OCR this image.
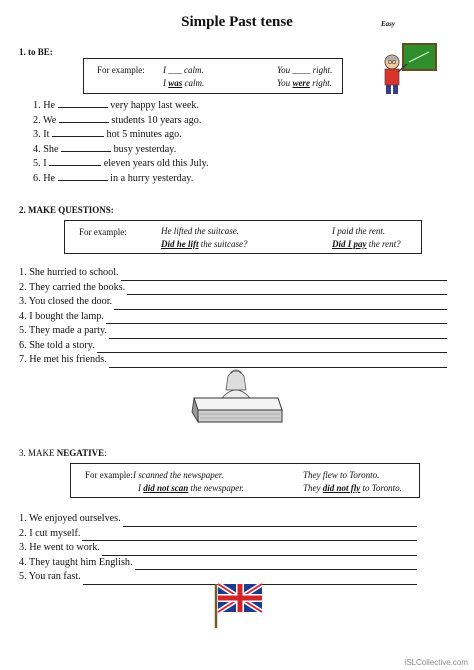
Simple Past tense	Easy
1. to BE:
For example: I ___ calm.
I was calm.
You ____ right.
You were right.
1. He	very happy last week.
2. We	students 10 years ago.
3. It	hot 5 minutes ago.
4. She	busy yesterday.
5. I	eleven years old this July.
6. He	in a hurry yesterday.
2. MAKE QUESTIONS:
For example:	He lifted the suitcase.
Did he lift the suitcase?
I paid the rent.
Did I pay the rent?
1. She hurried to school.
2. They carried the books.
3. You closed the door.
4. I bought the lamp.
5. They made a party.
6. She told a story.
7. He met his friends.
3. MAKE NEGATIVE:
For example: I scanned the newspaper.
I did not scan the newspaper.
They flew to Toronto.
They did not fly to Toronto.
1. We enjoyed ourselves.
2. I cut myself.
3. He went to work.
4. They taught him English.
5. You ran fast.
iSLCollective.com
